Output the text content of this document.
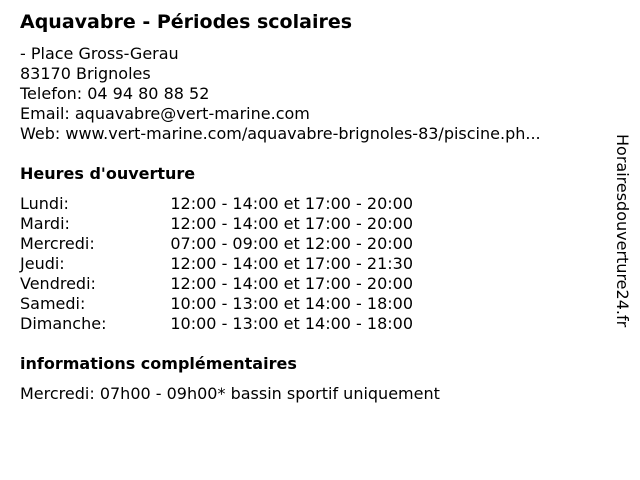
Aquavabre - Périodes scolaires
- Place Gross-Gerau
83170 Brignoles
Telefon: 04 94 80 88 52
Email: aquavabre@vert-marine.com
Web: www.vert-marine.com/aquavabre-brignoles-83/piscine.ph...
Heures d'ouverture
Lundi:	12:00 - 14:00 et 17:00 - 20:00
Mardi:	12:00 - 14:00 et 17:00 - 20:00
Mercredi:	07:00 - 09:00 et 12:00 - 20:00
Jeudi:	12:00 - 14:00 et 17:00 - 21:30
Vendredi:	12:00 - 14:00 et 17:00 - 20:00
Samedi:	10:00 - 13:00 et 14:00 - 18:00
Dimanche:	10:00 - 13:00 et 14:00 - 18:00
informations complémentaires
Mercredi: 07h00 - 09h00* bassin sportif uniquement
Horairesdouverture24.fr
